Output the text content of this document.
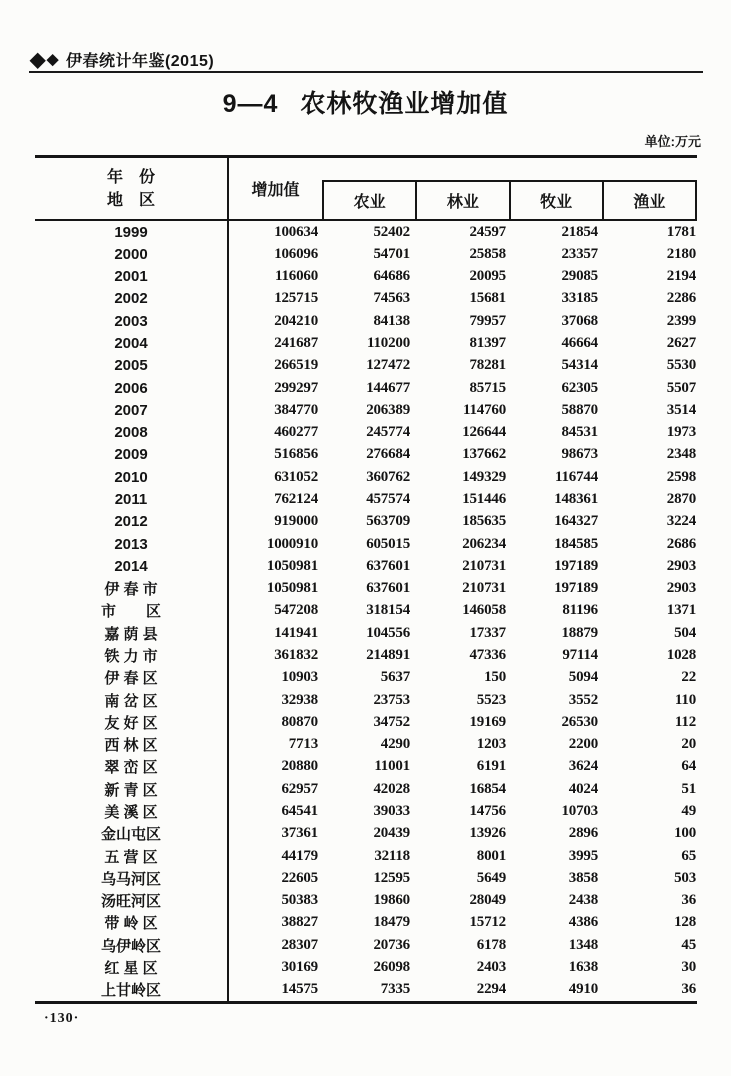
◆ ◆ 伊春统计年鉴(2015)
9—4 农林牧渔业增加值
单位:万元
年　份
地　区
增加值
农业	林业	牧业	渔业
1999	100634	52402	24597	21854	1781
2000	106096	54701	25858	23357	2180
2001	116060	64686	20095	29085	2194
2002	125715	74563	15681	33185	2286
2003	204210	84138	79957	37068	2399
2004	241687	110200	81397	46664	2627
2005	266519	127472	78281	54314	5530
2006	299297	144677	85715	62305	5507
2007	384770	206389	114760	58870	3514
2008	460277	245774	126644	84531	1973
2009	516856	276684	137662	98673	2348
2010	631052	360762	149329	116744	2598
2011	762124	457574	151446	148361	2870
2012	919000	563709	185635	164327	3224
2013	1000910	605015	206234	184585	2686
2014	1050981	637601	210731	197189	2903
伊 春 市	1050981	637601	210731	197189	2903
市　　区	547208	318154	146058	81196	1371
嘉 荫 县	141941	104556	17337	18879	504
铁 力 市	361832	214891	47336	97114	1028
伊 春 区	10903	5637	150	5094	22
南 岔 区	32938	23753	5523	3552	110
友 好 区	80870	34752	19169	26530	112
西 林 区	7713	4290	1203	2200	20
翠 峦 区	20880	11001	6191	3624	64
新 青 区	62957	42028	16854	4024	51
美 溪 区	64541	39033	14756	10703	49
金山屯区	37361	20439	13926	2896	100
五 营 区	44179	32118	8001	3995	65
乌马河区	22605	12595	5649	3858	503
汤旺河区	50383	19860	28049	2438	36
带 岭 区	38827	18479	15712	4386	128
乌伊岭区	28307	20736	6178	1348	45
红 星 区	30169	26098	2403	1638	30
上甘岭区	14575	7335	2294	4910	36
·130·
